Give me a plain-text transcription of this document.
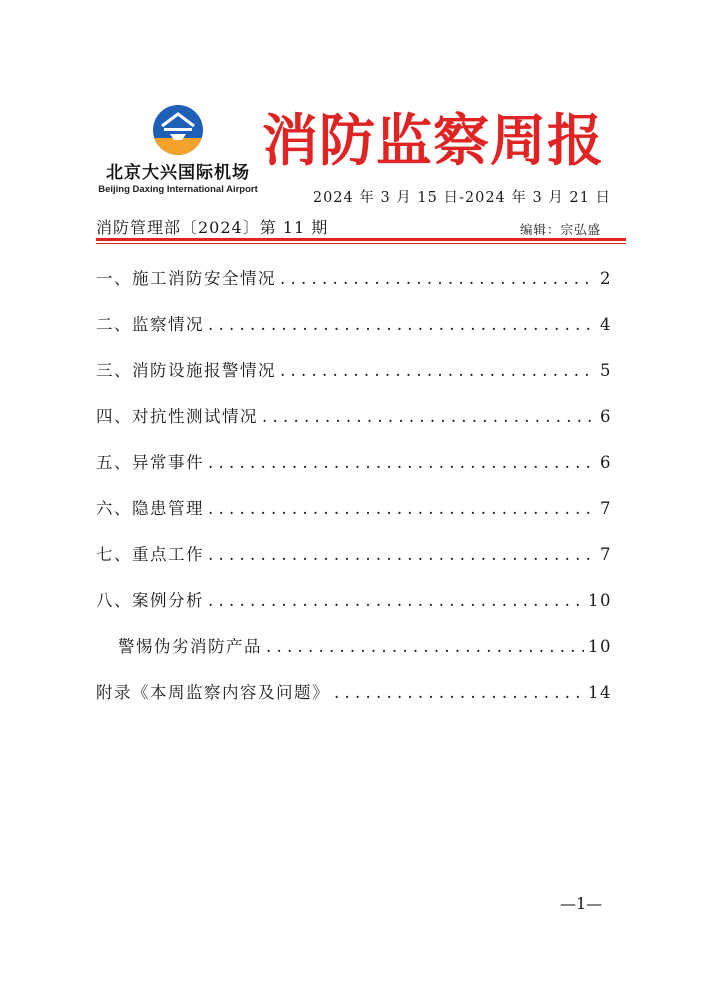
北京大兴国际机场
Beijing Daxing International Airport
消防监察周报
2024 年 3 月 15 日-2024 年 3 月 21 日
消防管理部〔2024〕第 11 期	编辑：宗弘盛
一、施工消防安全情况 . . .	2
二、监察情况 . . .	4
三、消防设施报警情况 . . .	5
四、对抗性测试情况 . . .	6
五、异常事件 . . .	6
六、隐患管理 . . .	7
七、重点工作 . . .	7
八、案例分析 . . .	10
警惕伪劣消防产品 . . .	10
附录《本周监察内容及问题》 . . .	14
—1—
